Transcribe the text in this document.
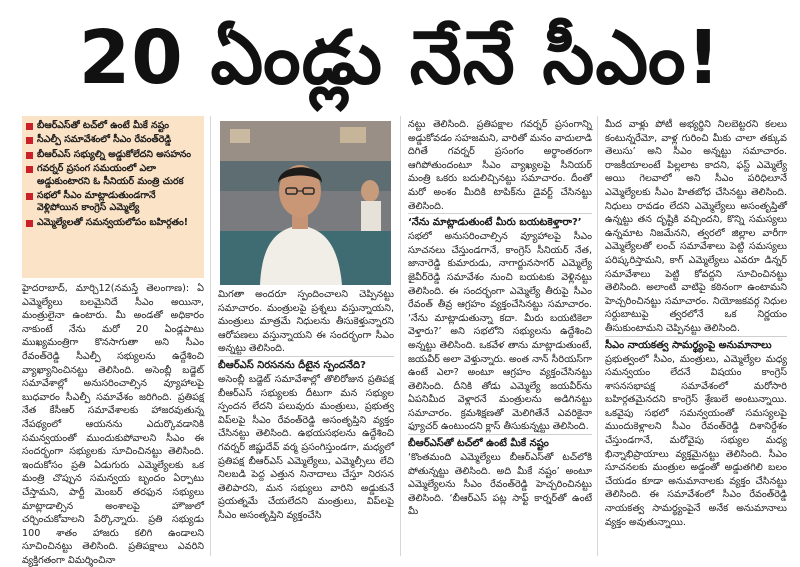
20 ఏండ్లు నేనే సీఎం!
బీఆర్ఎస్‌తో టచ్‌లో ఉంటే మీకే నష్టం
సీఎల్పీ సమావేశంలో సీఎం రేవంత్‌రెడ్డి
బీఆర్ఎస్ సభ్యుల్ని అడ్డుకోలేదని అసహనం
గవర్నర్ ప్రసంగ సమయంలో ఎలా అడ్డుకుంటారని ఓ సీనియర్ మంత్రి చురక
సభలో సీఎం మాట్లాడుతుండగానే వెళ్లిపోయిన కాంగ్రెస్ ఎమ్మెల్యే
ఎమ్మెల్యేలతో సమన్వయలోపం బహిర్గతం!

హైదరాబాద్, మార్చి12(నమస్తే తెలంగాణ): ఏ ఎమ్మెల్యేలు బలమైనిదే సీఎం అయినా, మంత్రులైనా ఉంటారు. మీ అండతో అధికారం నాకుంటే నేను మరో 20 ఏండ్లపాటు ముఖ్యమంత్రిగా కొనసాగుతా అని సీఎం రేవంత్‌రెడ్డి సీఎల్పీ సభ్యులను ఉద్దేశించి వ్యాఖ్యానించినట్టు తెలిసింది. అసెంబ్లీ బడ్జెట్ సమావేశాల్లో అనుసరించాల్సిన వ్యూహాలపై బుధవారం సీఎల్పీ సమావేశం జరిగింది. ప్రతిపక్ష నేత కేసీఆర్ సమావేశాలకు హాజరవుతున్న నేపథ్యంలో ఆయనను ఎదుర్కొవడానికి సమన్వయంతో ముందుకుపోవాలని సీఎం ఈ సందర్భంగా సభ్యులకు సూచించినట్టు తెలిసింది. ఇందుకోసం ప్రతి ఏడుగురు ఎమ్మెల్యేలకు ఒక మంత్రి చొప్పున సమన్వయ బృందం ఏర్పాటు చేస్తామని, పార్టీ మెంబర్ తరఫున సభ్యులు మాట్లాడాల్సిన అంశాలపై హౌజులో చర్చించుకోవాలని పేర్కొన్నారు. ప్రతి సభ్యుడు 100 శాతం హాజరు కలిగి ఉండాలని సూచించినట్టు తెలిసింది. ప్రతిపక్షాలు ఎవరిని వ్యక్తిగతంగా విమర్శించినా

మిగతా అందరూ స్పందించాలని చెప్పినట్టు సమాచారం. మంత్రులపై ప్రశ్నలు వస్తున్నాయని, మంత్రులు మాత్రమే నిధులను తీసుకెళ్తున్నారని ఆరోపణలు వస్తున్నాయని ఈ సందర్భంగా సీఎం అన్నట్టు తెలిసింది.

బీఆర్ఎస్ నిరసనను దీటైన స్పందనేది?

అసెంబ్లీ బడ్జెట్ సమావేశాల్లో తొలిరోజున ప్రతిపక్ష బీఆర్ఎస్ సభ్యులకు దీటుగా మన సభ్యుల స్పందన లేదని పలువురు మంత్రులు, ప్రభుత్వ విప్‌లపై సీఎం రేవంత్‌రెడ్డి అసంతృప్తిని వ్యక్తం చేసినట్టు తెలిసింది. ఉభయసభలను ఉద్దేశించి గవర్నర్ జిష్ణుదేవ్ వర్మ ప్రసంగిస్తుండగా, మధ్యలో ప్రతిపక్ష బీఆర్ఎస్ ఎమ్మెల్యేలు, ఎమ్మెల్సీలు లేచి నిలబడి పెద్ద ఎత్తున నినాదాలు చేస్తూ నిరసన తెలిపారని, మన సభ్యులు వారిని అడ్డుకునే ప్రయత్నమే చేయలేదని మంత్రులు, విప్‌లపై సీఎం అసంతృప్తిని వ్యక్తంచేసి

నట్టు తెలిసింది. ప్రతిపక్షాల గవర్నర్ ప్రసంగాన్ని అడ్డుకోవడం సహజమని, వారితో మనం వాదులాడి దిగితే గవర్నర్ ప్రసంగం అర్థాంతరంగా ఆగిపోతుందంటూ సీఎం వ్యాఖ్యలపై సీనియర్ మంత్రి ఒకరు బదులిచ్చినట్టు సమాచారం. దీంతో మరో అంశం మీదికి టాపిక్‌ను డైవర్ట్ చేసినట్టు తెలిసింది.

‘నేను మాట్లాడుతుంటే మీరు బయటకెళ్తారా?’

సభలో అనుసరించాల్సిన వ్యూహాలపై సీఎం సూచనలు చేస్తుండగానే, కాంగ్రెస్ సీనియర్ నేత, జానారెడ్డి కుమారుడు, నాగార్జునసాగర్ ఎమ్మెల్యే జైవీర్‌రెడ్డి సమావేశం నుంచి బయటకు వెళ్లినట్టు తెలిసింది. ఈ సందర్భంగా ఎమ్మెల్యే తీరుపై సీఎం రేవంత్ తీవ్ర ఆగ్రహం వ్యక్తంచేసినట్టు సమాచారం. ‘నేను మాట్లాడుతున్నా కదా. మీరు బయటికెలా వెళ్తారు?’ అని సభలోని సభ్యులను ఉద్దేశించి అన్నట్టు తెలిసింది. ఒకవేళ తాను మాట్లాడుతుంటే, జయవీర్ అలా వెళ్తున్నారు. అంత నాన్ సీరియస్‌గా ఉంటే ఎలా? అంటూ ఆగ్రహం వ్యక్తంచేసినట్టు తెలిసింది. దీనికి తోడు ఎమ్మెల్యే జయవీర్‌ను ఏపనిమీద వెళ్లారనే మంత్రులను అడిగినట్టు సమాచారం. క్రమశిక్షణతో మెలిగితేనే ఎవరికైనా ఫ్యూచర్ ఉంటుందని క్లాస్ తీసుకున్నట్టు తెలిసింది.

బీఆర్ఎస్‌తో టచ్‌లో ఉంటే మీకే నష్టం

‘కొంతమంది ఎమ్మెల్యేలు బీఆర్ఎస్‌తో టచ్‌లోకి పోతున్నట్టు తెలిసింది. అది మీకే నష్టం’ అంటూ ఎమ్మెల్యేలను సీఎం రేవంత్‌రెడ్డి హెచ్చరించినట్టు తెలిసింది. ‘బీఆర్ఎస్ పట్ల సాఫ్ట్ కార్నర్‌తో ఉంటే మీ

మీద వాళ్లు పోటీ అభ్యర్థిని నిలబెట్టరని కలలు కంటున్నరేమో, వాళ్ల గురించి మీకు చాలా తక్కువ తెలుసు’ అని సీఎం అన్నట్టు సమాచారం. రాజకీయాలంటే పిల్లలాట కాదని, ఫస్ట్ ఎమ్మెల్యే అయి గెలవాలో అని సీఎం పరిధిలూనే ఎమ్మెల్యేలకు సీఎం హితబోధ చేసినట్టు తెలిసింది. నిధులు రావడం లేదని ఎమ్మెల్యేలు అసంతృప్తితో ఉన్నట్టు తన దృష్టికి వచ్చిందని, కొన్ని సమస్యలు ఉన్నమాట నిజమేనని, త్వరలో జిల్లాల వారీగా ఎమ్మెల్యేలతో లంచ్ సమావేశాలు పెట్టి సమస్యలు పరిష్కరిస్తామని, కాగ్ ఎమ్మెల్యేలు ఎవరూ డిన్నర్ సమావేశాలు పెట్టి కోవద్దని సూచించినట్టు తెలిసింది. అలాంటి వాటిపై కఠినంగా ఉంటామని హెచ్చరించినట్టు సమాచారం. నియోజకవర్గ నిధుల సర్దుబాటుపై త్వరలోనే ఒక నిర్ణయం తీసుకుంటామని చెప్పినట్టు తెలిసింది.

సీఎం నాయకత్వ సామర్థ్యంపై అనుమానాలు

ప్రభుత్వంలో సీఎం, మంత్రులు, ఎమ్మెల్యేల మధ్య సమన్వయం లేదనే విషయం కాంగ్రెస్ శాసనసభాపక్ష సమావేశంలో మరోసారి బహిర్గతమైనదని కాంగ్రెస్ శ్రేణులే అంటున్నాయి. ఒకవైపు సభలో సమన్వయంతో సమస్యలపై ముందుకెళ్లాలని సీఎం రేవంత్‌రెడ్డి దిశానిర్దేశం చేస్తుండగానే, మరోవైపు సభ్యుల మధ్య భిన్నాభిప్రాయాలు వ్యక్తమైనట్టు తెలిసింది. సీఎం సూచనలకు మంత్రుల అడ్డంతో అడ్డుతగిలి బలం చేయడం కూడా అనుమానాలకు వ్యక్తం చేసినట్టు తెలిసింది. ఈ సమావేశంలో సీఎం రేవంత్‌రెడ్డి నాయకత్వ సామర్థ్యంపైనే అనేక అనుమానాలు వ్యక్తం అవుతున్నాయి.
